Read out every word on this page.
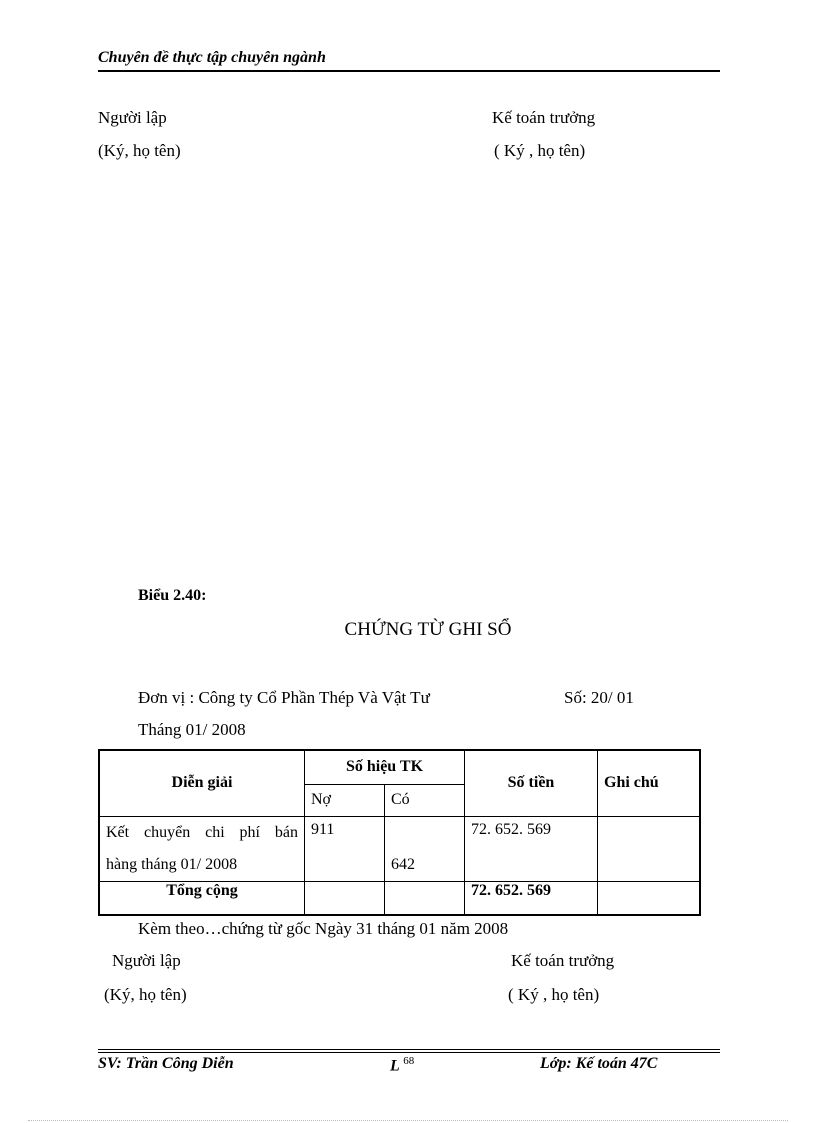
Chuyên đề thực tập chuyên ngành
Người lập
(Ký, họ tên)
Kế toán trưởng
( Ký , họ tên)
Biểu 2.40:
CHỨNG TỪ GHI SỔ
Đơn vị : Công ty Cổ Phần Thép Và Vật Tư	Số: 20/ 01
Tháng 01/ 2008
Diễn giải	Số hiệu TK		Số tiền	Ghi chú
	Nợ	Có		

Kết chuyển chi phí bán
hàng tháng 01/ 2008	911	642	72. 652. 569	
Tổng cộng			72. 652. 569	
Kèm theo…chứng từ gốc Ngày 31 tháng 01 năm 2008
Người lập
(Ký, họ tên)
Kế toán trưởng
( Ký , họ tên)
SV: Trần Công Diễn	L $^{68}$	Lớp: Kế toán 47C
